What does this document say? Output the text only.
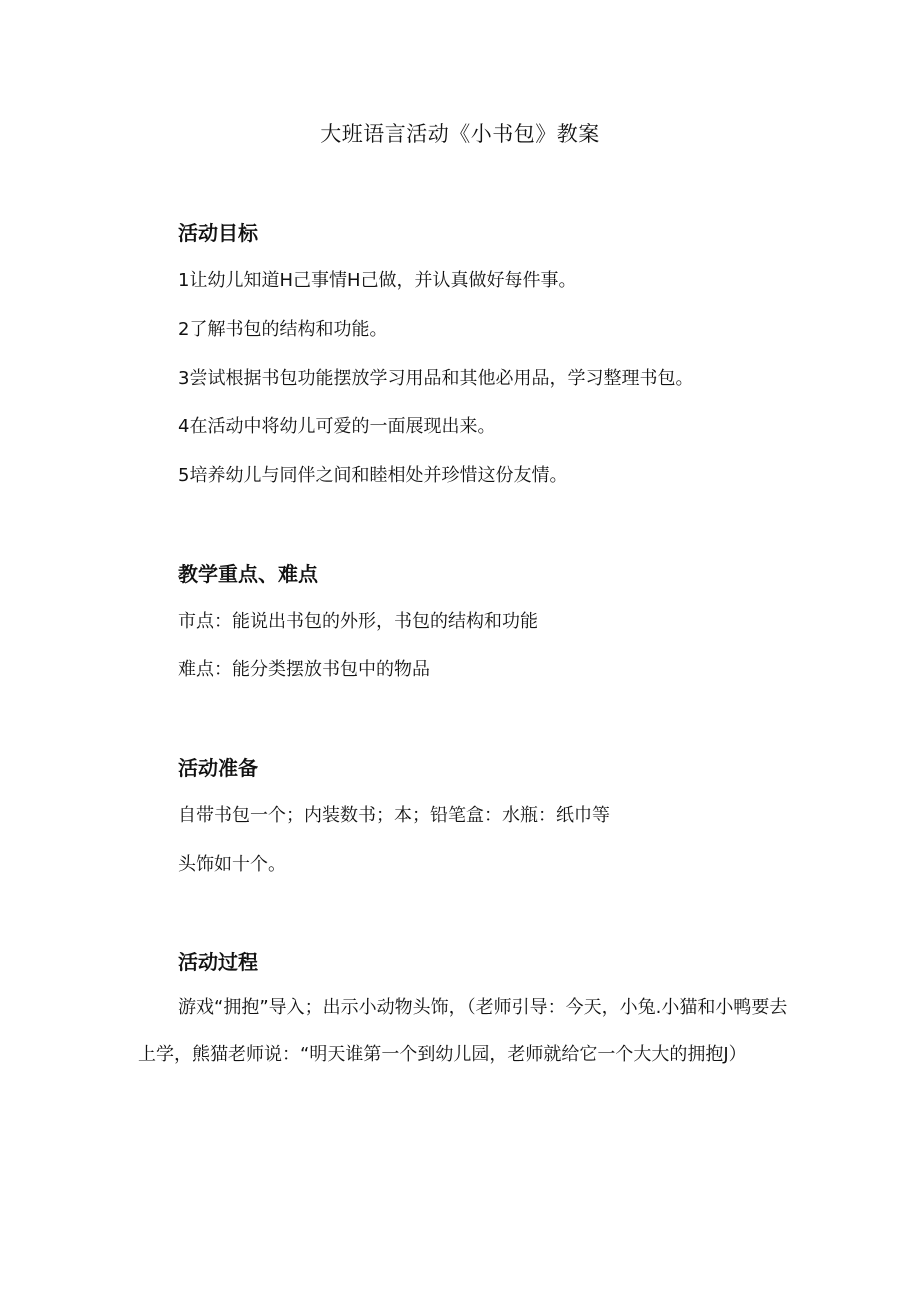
大班语言活动《小书包》教案
活动目标
1让幼儿知道H己事情H己做，并认真做好每件事。
2了解书包的结构和功能。
3尝试根据书包功能摆放学习用品和其他必用品，学习整理书包。
4在活动中将幼儿可爱的一面展现出来。
5培养幼儿与同伴之间和睦相处并珍惜这份友情。
教学重点、难点
市点：能说出书包的外形，书包的结构和功能
难点：能分类摆放书包中的物品
活动准备
自带书包一个；内装数书；本；铅笔盒：水瓶：纸巾等
头饰如十个。
活动过程
游戏“拥抱”导入；出示小动物头饰，（老师引导：今天，小兔.小猫和小鸭要去上学，熊猫老师说：“明天谁第一个到幼儿园，老师就给它一个大大的拥抱J）
